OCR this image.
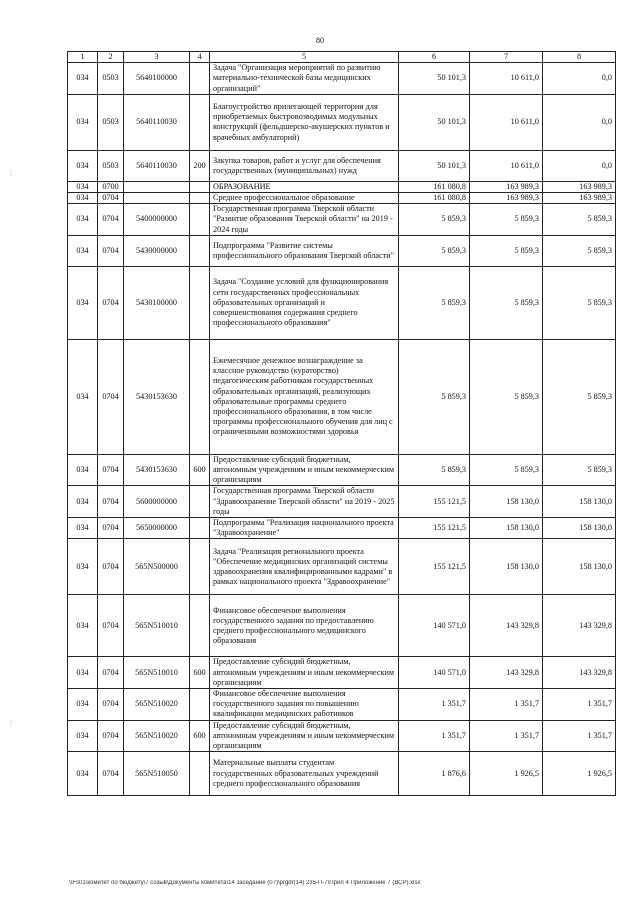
80
⋮
⋮
1	2	3	4	5	6	7	8
034	0503	5640100000		Задача "Организация мероприятий по развитию материально-технической базы медицинских организаций"	50 101,3	10 611,0	0,0
034	0503	5640110030		Благоустройство прилегающей территории для приобретаемых быстровозводимых модульных конструкций (фельдшерско-акушерских пунктов и врачебных амбулаторий)	50 101,3	10 611,0	0,0
034	0503	5640110030	200	Закупка товаров, работ и услуг для обеспечения государственных (муниципальных) нужд	50 101,3	10 611,0	0,0
034	0700			ОБРАЗОВАНИЕ	161 080,8	163 989,3	163 989,3
034	0704			Среднее профессиональное образование	161 080,8	163 989,3	163 989,3
034	0704	5400000000		Государственная программа Тверской области "Развитие образования Тверской области" на 2019 - 2024 годы	5 859,3	5 859,3	5 859,3
034	0704	5430000000		Подпрограмма "Развитие системы профессионального образования Тверской области"	5 859,3	5 859,3	5 859,3
034	0704	5430100000		Задача "Создание условий для функционирования сети государственных профессиональных образовательных организаций и совершенствования содержания среднего профессионального образования"	5 859,3	5 859,3	5 859,3
034	0704	5430153630		Ежемесячное денежное вознаграждение за классное руководство (кураторство) педагогическим работникам государственных образовательных организаций, реализующих образовательные программы среднего профессионального образования, в том числе программы профессионального обучения для лиц с ограниченными возможностями здоровья	5 859,3	5 859,3	5 859,3
034	0704	5430153630	600	Предоставление субсидий бюджетным, автономным учреждениям и иным некоммерческим организациям	5 859,3	5 859,3	5 859,3
034	0704	5600000000		Государственная программа Тверской области "Здравоохранение Тверской области" на 2019 - 2025 годы	155 121,5	158 130,0	158 130,0
034	0704	5650000000		Подпрограмма "Реализация национального проекта "Здравоохранение"	155 121,5	158 130,0	158 130,0
034	0704	565N500000		Задача "Реализация регионального проекта "Обеспечение медицинских организаций системы здравоохранения квалифицированными кадрами" в рамках национального проекта "Здравоохранение"	155 121,5	158 130,0	158 130,0
034	0704	565N510010		Финансовое обеспечение выполнения государственного задания по предоставлению среднего профессионального медицинского образования	140 571,0	143 329,8	143 329,8
034	0704	565N510010	600	Предоставление субсидий бюджетным, автономным учреждениям и иным некоммерческим организациям	140 571,0	143 329,8	143 329,8
034	0704	565N510020		Финансовое обеспечение выполнения государственного задания по повышению квалификации медицинских работников	1 351,7	1 351,7	1 351,7
034	0704	565N510020	600	Предоставление субсидий бюджетным, автономным учреждениям и иным некоммерческим организациям	1 351,7	1 351,7	1 351,7
034	0704	565N510050		Материальные выплаты студентам государственных образовательных учреждений среднего профессионального образования	1 876,6	1 926,5	1 926,5
\\Fs01\комитет по бюджету\7 созыв\Документы комитета\14 заседание (07)\prgdr(14) 235-П-7\Прил 4 Приложение 7 (ВСР).xlsx
